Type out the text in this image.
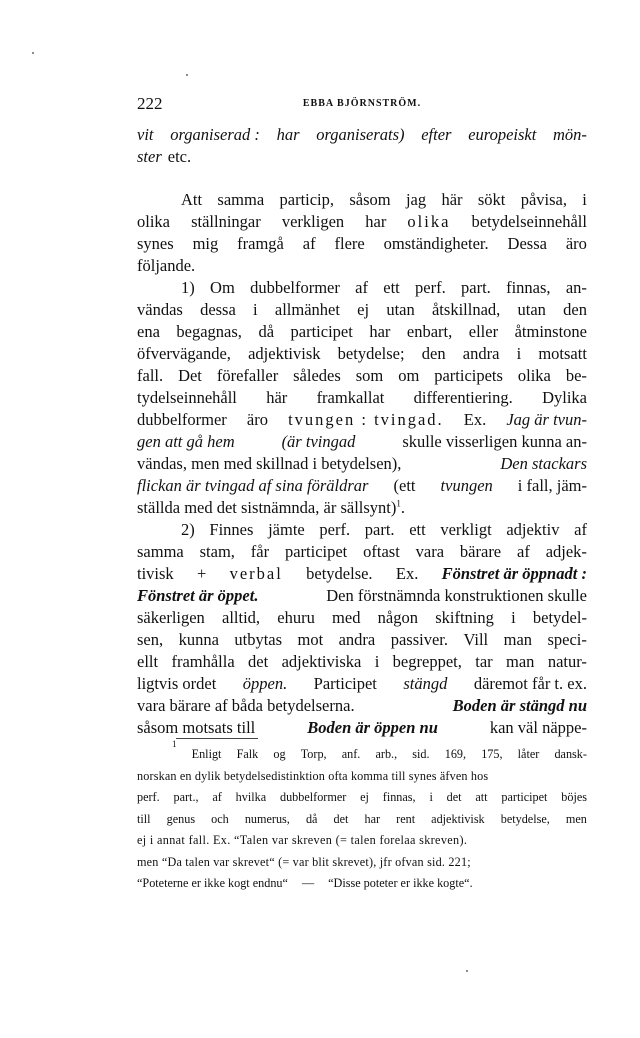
222	EBBA BJÖRNSTRÖM.
vit organiserad : har organiserats) efter europeiskt mön-
ster etc.
Att samma particip, såsom jag här sökt påvisa, i
olika ställningar verkligen har olika betydelseinnehåll
synes mig framgå af flere omständigheter. Dessa äro
följande.
1) Om dubbelformer af ett perf. part. finnas, an-
vändas dessa i allmänhet ej utan åtskillnad, utan den
ena begagnas, då participet har enbart, eller åtminstone
öfvervägande, adjektivisk betydelse; den andra i motsatt
fall. Det förefaller således som om participets olika be-
tydelseinnehåll här framkallat differentiering. Dylika
dubbelformer äro tvungen : tvingad. Ex. Jag är tvun-
gen att gå hem	(är tvingad	skulle visserligen kunna an-
vändas, men med skillnad i betydelsen),	Den stackars
flickan är tvingad af sina föräldrar (ett tvungen i fall, jäm-
ställda med det sistnämnda, är sällsynt)$^1$.
2) Finnes jämte perf. part. ett verkligt adjektiv af
samma stam, får participet oftast vara bärare af adjek-
tivisk + verbal betydelse. Ex. Fönstret är öppnadt :
Fönstret är öppet.	Den förstnämnda konstruktionen skulle
säkerligen alltid, ehuru med någon skiftning i betydel-
sen, kunna utbytas mot andra passiver. Vill man speci-
ellt framhålla det adjektiviska i begreppet, tar man natur-
ligtvis ordet öppen. Participet stängd däremot får t. ex.
vara bärare af båda betydelserna.	Boden är stängd nu
såsom motsats till	Boden är öppen nu	kan väl näppe-
1
Enligt Falk og Torp, anf. arb., sid. 169, 175, låter dansk-
norskan en dylik betydelsedistinktion ofta komma till synes äfven hos
perf. part., af hvilka dubbelformer ej finnas, i det att participet böjes
till genus och numerus, då det har rent adjektivisk betydelse, men
ej i annat fall. Ex. “Talen var skreven (= talen forelaa skreven).
men “Da talen var skrevet“ (= var blit skrevet), jfr ofvan sid. 221;
“Poteterne er ikke kogt endnu“ — “Disse poteter er ikke kogte“.
